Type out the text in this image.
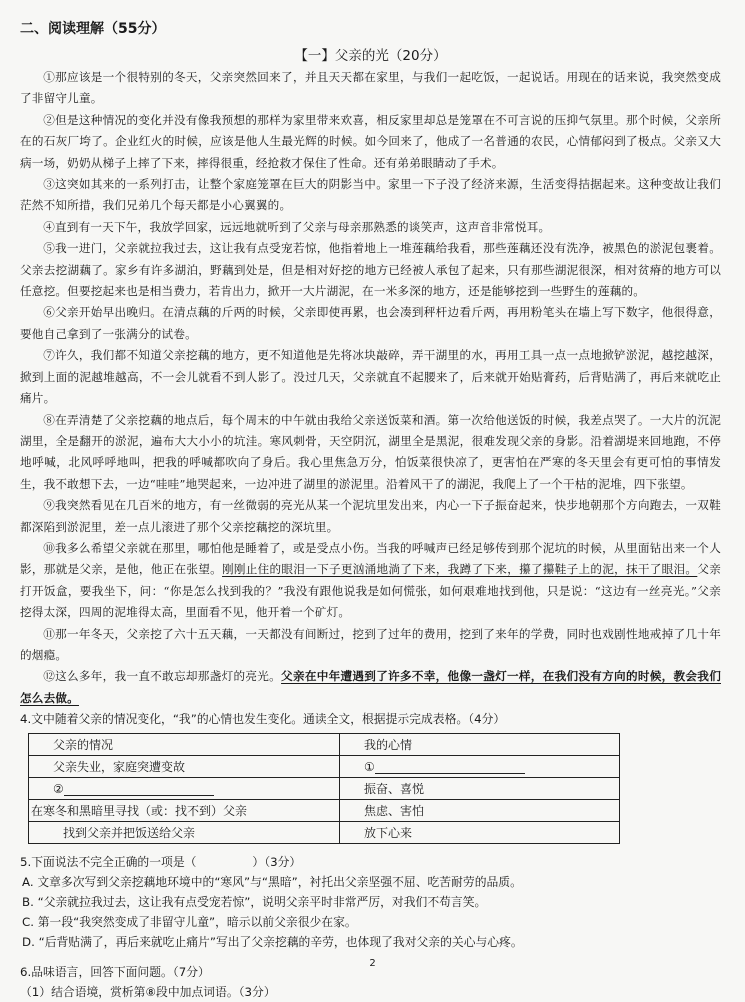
二、阅读理解（55分）
【一】父亲的光（20分）

①那应该是一个很特别的冬天，父亲突然回来了，并且天天都在家里，与我们一起吃饭，一起说话。用现在的话来说，我突然变成了非留守儿童。

②但是这种情况的变化并没有像我预想的那样为家里带来欢喜，相反家里却总是笼罩在不可言说的压抑气氛里。那个时候，父亲所在的石灰厂垮了。企业红火的时候，应该是他人生最光辉的时候。如今回来了，他成了一名普通的农民，心情郁闷到了极点。父亲又大病一场，奶奶从梯子上摔了下来，摔得很重，经抢救才保住了性命。还有弟弟眼睛动了手术。

③这突如其来的一系列打击，让整个家庭笼罩在巨大的阴影当中。家里一下子没了经济来源，生活变得拮据起来。这种变故让我们茫然不知所措，我们兄弟几个每天都是小心翼翼的。

④直到有一天下午，我放学回家，远远地就听到了父亲与母亲那熟悉的谈笑声，这声音非常悦耳。

⑤我一进门，父亲就拉我过去，这让我有点受宠若惊，他指着地上一堆莲藕给我看，那些莲藕还没有洗净，被黑色的淤泥包裹着。父亲去挖湖藕了。家乡有许多湖泊，野藕到处是，但是相对好挖的地方已经被人承包了起来，只有那些湖泥很深，相对贫瘠的地方可以任意挖。但要挖起来也是相当费力，若肯出力，掀开一大片湖泥，在一米多深的地方，还是能够挖到一些野生的莲藕的。

⑥父亲开始早出晚归。在清点藕的斤两的时候，父亲即使再累，也会凑到秤杆边看斤两，再用粉笔头在墙上写下数字，他很得意，要他自己拿到了一张满分的试卷。

⑦许久，我们都不知道父亲挖藕的地方，更不知道他是先将冰块敲碎，弄干湖里的水，再用工具一点一点地掀铲淤泥，越挖越深，掀到上面的泥越堆越高，不一会儿就看不到人影了。没过几天，父亲就直不起腰来了，后来就开始贴膏药，后背贴满了，再后来就吃止痛片。

⑧在弄清楚了父亲挖藕的地点后，每个周末的中午就由我给父亲送饭菜和酒。第一次给他送饭的时候，我差点哭了。一大片的沉泥湖里，全是翻开的淤泥，遍布大大小小的坑洼。寒风刺骨，天空阴沉，湖里全是黑泥，很难发现父亲的身影。沿着湖堤来回地跑，不停地呼喊，北风呼呼地叫，把我的呼喊都吹向了身后。我心里焦急万分，怕饭菜很快凉了，更害怕在严寒的冬天里会有更可怕的事情发生，我不敢想下去，一边“哇哇”地哭起来，一边冲进了湖里的淤泥里。沿着风干了的湖泥，我爬上了一个干枯的泥堆，四下张望。

⑨我突然看见在几百米的地方，有一丝微弱的亮光从某一个泥坑里发出来，内心一下子振奋起来，快步地朝那个方向跑去，一双鞋都深陷到淤泥里，差一点儿滚进了那个父亲挖藕挖的深坑里。

⑩我多么希望父亲就在那里，哪怕他是睡着了，或是受点小伤。当我的呼喊声已经足够传到那个泥坑的时候，从里面钻出来一个人影，那就是父亲，是他，他正在张望。刚刚止住的眼泪一下子更汹涌地淌了下来，我蹲了下来，攥了攥鞋子上的泥，抹干了眼泪。父亲打开饭盒，要我坐下，问：“你是怎么找到我的？”我没有跟他说我是如何慌张，如何艰难地找到他，只是说：“这边有一丝亮光。”父亲挖得太深，四周的泥堆得太高，里面看不见，他开着一个矿灯。

⑪那一年冬天，父亲挖了六十五天藕，一天都没有间断过，挖到了过年的费用，挖到了来年的学费，同时也戏剧性地戒掉了几十年的烟瘾。

⑫这么多年，我一直不敢忘却那盏灯的亮光。父亲在中年遭遇到了许多不幸，他像一盏灯一样，在我们没有方向的时候，教会我们怎么去做。

4.文中随着父亲的情况变化，“我”的心情也发生变化。通读全文，根据提示完成表格。（4分）

父亲的情况	我的心情
父亲失业，家庭突遭变故	①
②	振奋、喜悦
在寒冬和黑暗里寻找（或：找不到）父亲	焦虑、害怕
找到父亲并把饭送给父亲	放下心来

5.下面说法不完全正确的一项是（	）（3分）

A. 文章多次写到父亲挖藕地环境中的“寒风”与“黑暗”，衬托出父亲坚强不屈、吃苦耐劳的品质。

B. “父亲就拉我过去，这让我有点受宠若惊”，说明父亲平时非常严厉，对我们不苟言笑。

C. 第一段“我突然变成了非留守儿童”，暗示以前父亲很少在家。

D. “后背贴满了，再后来就吃止痛片”写出了父亲挖藕的辛劳，也体现了我对父亲的关心与心疼。

6.品味语言，回答下面问题。（7分）

（1）结合语境，赏析第⑧段中加点词语。（3分）

2
